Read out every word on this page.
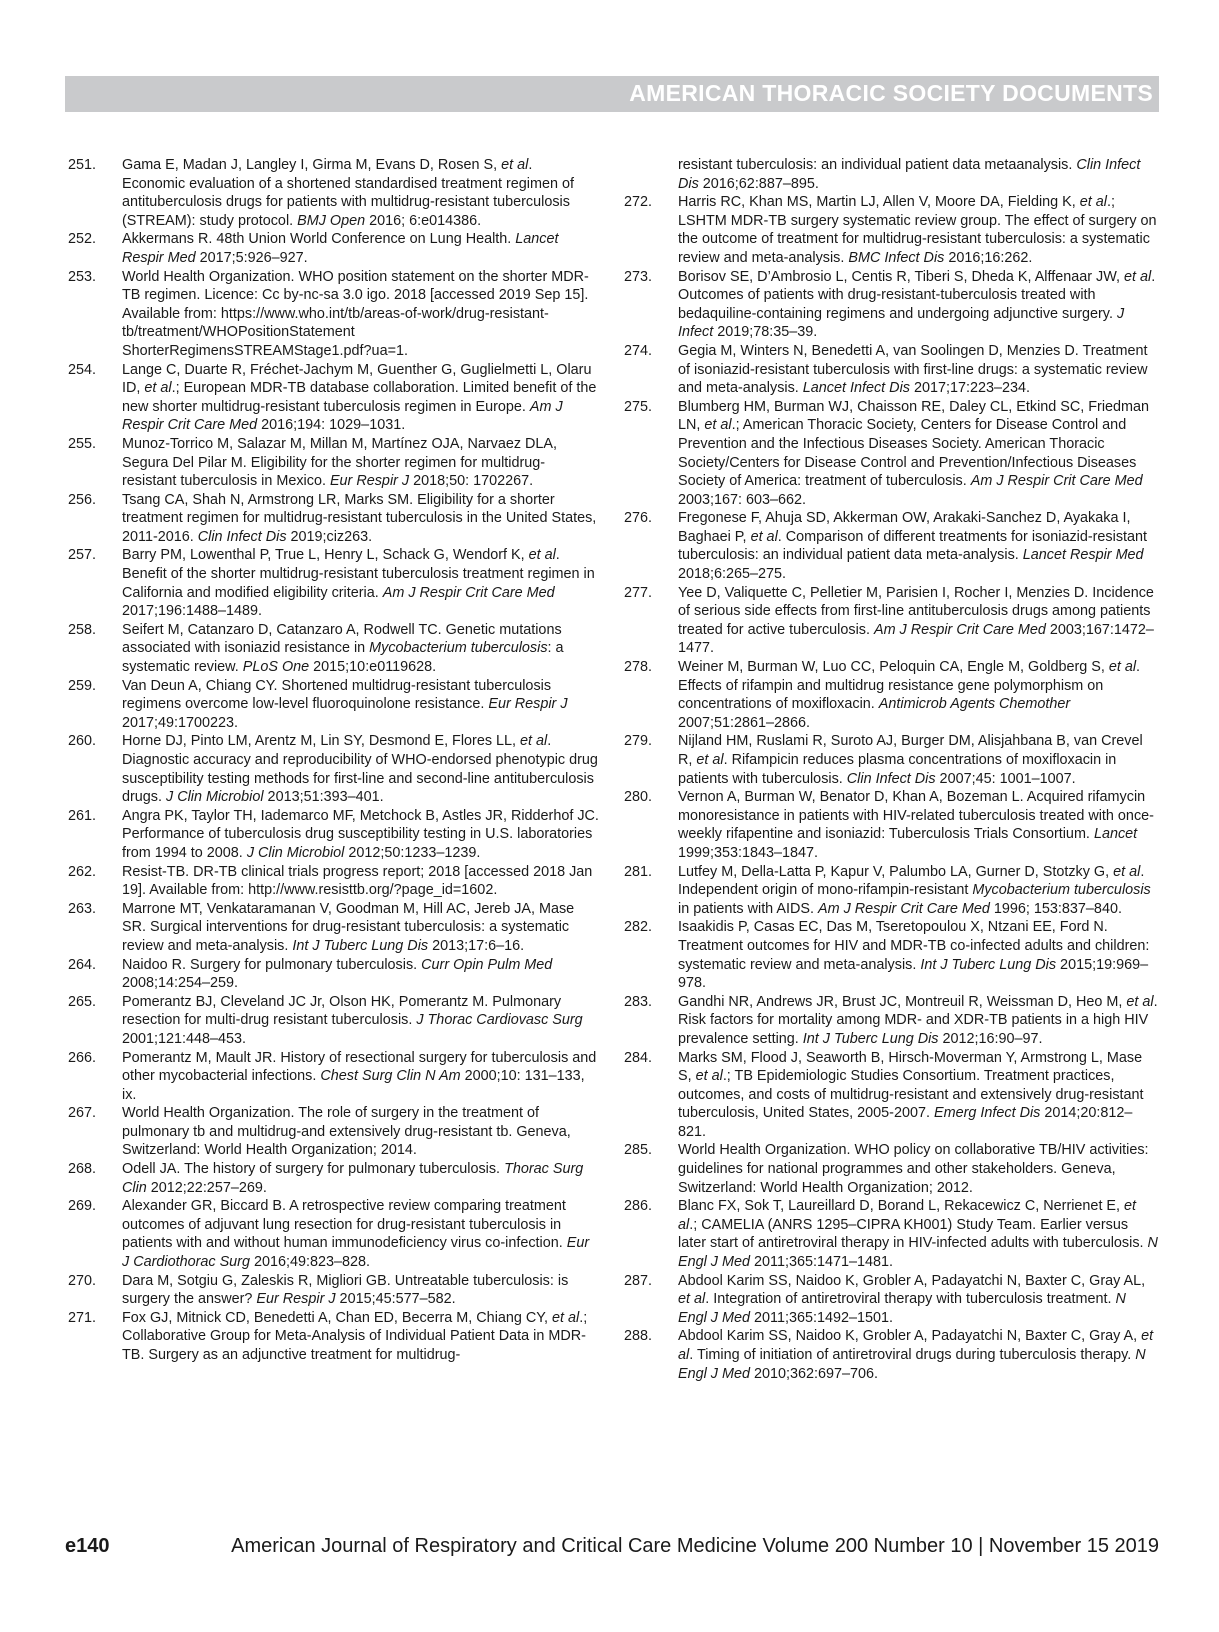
AMERICAN THORACIC SOCIETY DOCUMENTS
251. Gama E, Madan J, Langley I, Girma M, Evans D, Rosen S, et al. Economic evaluation of a shortened standardised treatment regimen of antituberculosis drugs for patients with multidrug-resistant tuberculosis (STREAM): study protocol. BMJ Open 2016; 6:e014386.
252. Akkermans R. 48th Union World Conference on Lung Health. Lancet Respir Med 2017;5:926–927.
253. World Health Organization. WHO position statement on the shorter MDR-TB regimen. Licence: Cc by-nc-sa 3.0 igo. 2018 [accessed 2019 Sep 15]. Available from: https://www.who.int/tb/areas-of-work/drug-resistant-tb/treatment/WHOPositionStatement ShorterRegimensSTREAMStage1.pdf?ua=1.
254. Lange C, Duarte R, Fréchet-Jachym M, Guenther G, Guglielmetti L, Olaru ID, et al.; European MDR-TB database collaboration. Limited benefit of the new shorter multidrug-resistant tuberculosis regimen in Europe. Am J Respir Crit Care Med 2016;194: 1029–1031.
255. Munoz-Torrico M, Salazar M, Millan M, Martínez OJA, Narvaez DLA, Segura Del Pilar M. Eligibility for the shorter regimen for multidrug-resistant tuberculosis in Mexico. Eur Respir J 2018;50: 1702267.
256. Tsang CA, Shah N, Armstrong LR, Marks SM. Eligibility for a shorter treatment regimen for multidrug-resistant tuberculosis in the United States, 2011-2016. Clin Infect Dis 2019;ciz263.
257. Barry PM, Lowenthal P, True L, Henry L, Schack G, Wendorf K, et al. Benefit of the shorter multidrug-resistant tuberculosis treatment regimen in California and modified eligibility criteria. Am J Respir Crit Care Med 2017;196:1488–1489.
258. Seifert M, Catanzaro D, Catanzaro A, Rodwell TC. Genetic mutations associated with isoniazid resistance in Mycobacterium tuberculosis: a systematic review. PLoS One 2015;10:e0119628.
259. Van Deun A, Chiang CY. Shortened multidrug-resistant tuberculosis regimens overcome low-level fluoroquinolone resistance. Eur Respir J 2017;49:1700223.
260. Horne DJ, Pinto LM, Arentz M, Lin SY, Desmond E, Flores LL, et al. Diagnostic accuracy and reproducibility of WHO-endorsed phenotypic drug susceptibility testing methods for first-line and second-line antituberculosis drugs. J Clin Microbiol 2013;51:393–401.
261. Angra PK, Taylor TH, Iademarco MF, Metchock B, Astles JR, Ridderhof JC. Performance of tuberculosis drug susceptibility testing in U.S. laboratories from 1994 to 2008. J Clin Microbiol 2012;50:1233–1239.
262. Resist-TB. DR-TB clinical trials progress report; 2018 [accessed 2018 Jan 19]. Available from: http://www.resisttb.org/?page_id=1602.
263. Marrone MT, Venkataramanan V, Goodman M, Hill AC, Jereb JA, Mase SR. Surgical interventions for drug-resistant tuberculosis: a systematic review and meta-analysis. Int J Tuberc Lung Dis 2013;17:6–16.
264. Naidoo R. Surgery for pulmonary tuberculosis. Curr Opin Pulm Med 2008;14:254–259.
265. Pomerantz BJ, Cleveland JC Jr, Olson HK, Pomerantz M. Pulmonary resection for multi-drug resistant tuberculosis. J Thorac Cardiovasc Surg 2001;121:448–453.
266. Pomerantz M, Mault JR. History of resectional surgery for tuberculosis and other mycobacterial infections. Chest Surg Clin N Am 2000;10: 131–133, ix.
267. World Health Organization. The role of surgery in the treatment of pulmonary tb and multidrug-and extensively drug-resistant tb. Geneva, Switzerland: World Health Organization; 2014.
268. Odell JA. The history of surgery for pulmonary tuberculosis. Thorac Surg Clin 2012;22:257–269.
269. Alexander GR, Biccard B. A retrospective review comparing treatment outcomes of adjuvant lung resection for drug-resistant tuberculosis in patients with and without human immunodeficiency virus co-infection. Eur J Cardiothorac Surg 2016;49:823–828.
270. Dara M, Sotgiu G, Zaleskis R, Migliori GB. Untreatable tuberculosis: is surgery the answer? Eur Respir J 2015;45:577–582.
271. Fox GJ, Mitnick CD, Benedetti A, Chan ED, Becerra M, Chiang CY, et al.; Collaborative Group for Meta-Analysis of Individual Patient Data in MDR-TB. Surgery as an adjunctive treatment for multidrug-
resistant tuberculosis: an individual patient data metaanalysis. Clin Infect Dis 2016;62:887–895.
272. Harris RC, Khan MS, Martin LJ, Allen V, Moore DA, Fielding K, et al.; LSHTM MDR-TB surgery systematic review group. The effect of surgery on the outcome of treatment for multidrug-resistant tuberculosis: a systematic review and meta-analysis. BMC Infect Dis 2016;16:262.
273. Borisov SE, D’Ambrosio L, Centis R, Tiberi S, Dheda K, Alffenaar JW, et al. Outcomes of patients with drug-resistant-tuberculosis treated with bedaquiline-containing regimens and undergoing adjunctive surgery. J Infect 2019;78:35–39.
274. Gegia M, Winters N, Benedetti A, van Soolingen D, Menzies D. Treatment of isoniazid-resistant tuberculosis with first-line drugs: a systematic review and meta-analysis. Lancet Infect Dis 2017;17:223–234.
275. Blumberg HM, Burman WJ, Chaisson RE, Daley CL, Etkind SC, Friedman LN, et al.; American Thoracic Society, Centers for Disease Control and Prevention and the Infectious Diseases Society. American Thoracic Society/Centers for Disease Control and Prevention/Infectious Diseases Society of America: treatment of tuberculosis. Am J Respir Crit Care Med 2003;167: 603–662.
276. Fregonese F, Ahuja SD, Akkerman OW, Arakaki-Sanchez D, Ayakaka I, Baghaei P, et al. Comparison of different treatments for isoniazid-resistant tuberculosis: an individual patient data meta-analysis. Lancet Respir Med 2018;6:265–275.
277. Yee D, Valiquette C, Pelletier M, Parisien I, Rocher I, Menzies D. Incidence of serious side effects from first-line antituberculosis drugs among patients treated for active tuberculosis. Am J Respir Crit Care Med 2003;167:1472–1477.
278. Weiner M, Burman W, Luo CC, Peloquin CA, Engle M, Goldberg S, et al. Effects of rifampin and multidrug resistance gene polymorphism on concentrations of moxifloxacin. Antimicrob Agents Chemother 2007;51:2861–2866.
279. Nijland HM, Ruslami R, Suroto AJ, Burger DM, Alisjahbana B, van Crevel R, et al. Rifampicin reduces plasma concentrations of moxifloxacin in patients with tuberculosis. Clin Infect Dis 2007;45: 1001–1007.
280. Vernon A, Burman W, Benator D, Khan A, Bozeman L. Acquired rifamycin monoresistance in patients with HIV-related tuberculosis treated with once-weekly rifapentine and isoniazid: Tuberculosis Trials Consortium. Lancet 1999;353:1843–1847.
281. Lutfey M, Della-Latta P, Kapur V, Palumbo LA, Gurner D, Stotzky G, et al. Independent origin of mono-rifampin-resistant Mycobacterium tuberculosis in patients with AIDS. Am J Respir Crit Care Med 1996; 153:837–840.
282. Isaakidis P, Casas EC, Das M, Tseretopoulou X, Ntzani EE, Ford N. Treatment outcomes for HIV and MDR-TB co-infected adults and children: systematic review and meta-analysis. Int J Tuberc Lung Dis 2015;19:969–978.
283. Gandhi NR, Andrews JR, Brust JC, Montreuil R, Weissman D, Heo M, et al. Risk factors for mortality among MDR- and XDR-TB patients in a high HIV prevalence setting. Int J Tuberc Lung Dis 2012;16:90–97.
284. Marks SM, Flood J, Seaworth B, Hirsch-Moverman Y, Armstrong L, Mase S, et al.; TB Epidemiologic Studies Consortium. Treatment practices, outcomes, and costs of multidrug-resistant and extensively drug-resistant tuberculosis, United States, 2005-2007. Emerg Infect Dis 2014;20:812–821.
285. World Health Organization. WHO policy on collaborative TB/HIV activities: guidelines for national programmes and other stakeholders. Geneva, Switzerland: World Health Organization; 2012.
286. Blanc FX, Sok T, Laureillard D, Borand L, Rekacewicz C, Nerrienet E, et al.; CAMELIA (ANRS 1295–CIPRA KH001) Study Team. Earlier versus later start of antiretroviral therapy in HIV-infected adults with tuberculosis. N Engl J Med 2011;365:1471–1481.
287. Abdool Karim SS, Naidoo K, Grobler A, Padayatchi N, Baxter C, Gray AL, et al. Integration of antiretroviral therapy with tuberculosis treatment. N Engl J Med 2011;365:1492–1501.
288. Abdool Karim SS, Naidoo K, Grobler A, Padayatchi N, Baxter C, Gray A, et al. Timing of initiation of antiretroviral drugs during tuberculosis therapy. N Engl J Med 2010;362:697–706.
e140	American Journal of Respiratory and Critical Care Medicine Volume 200 Number 10 | November 15 2019
